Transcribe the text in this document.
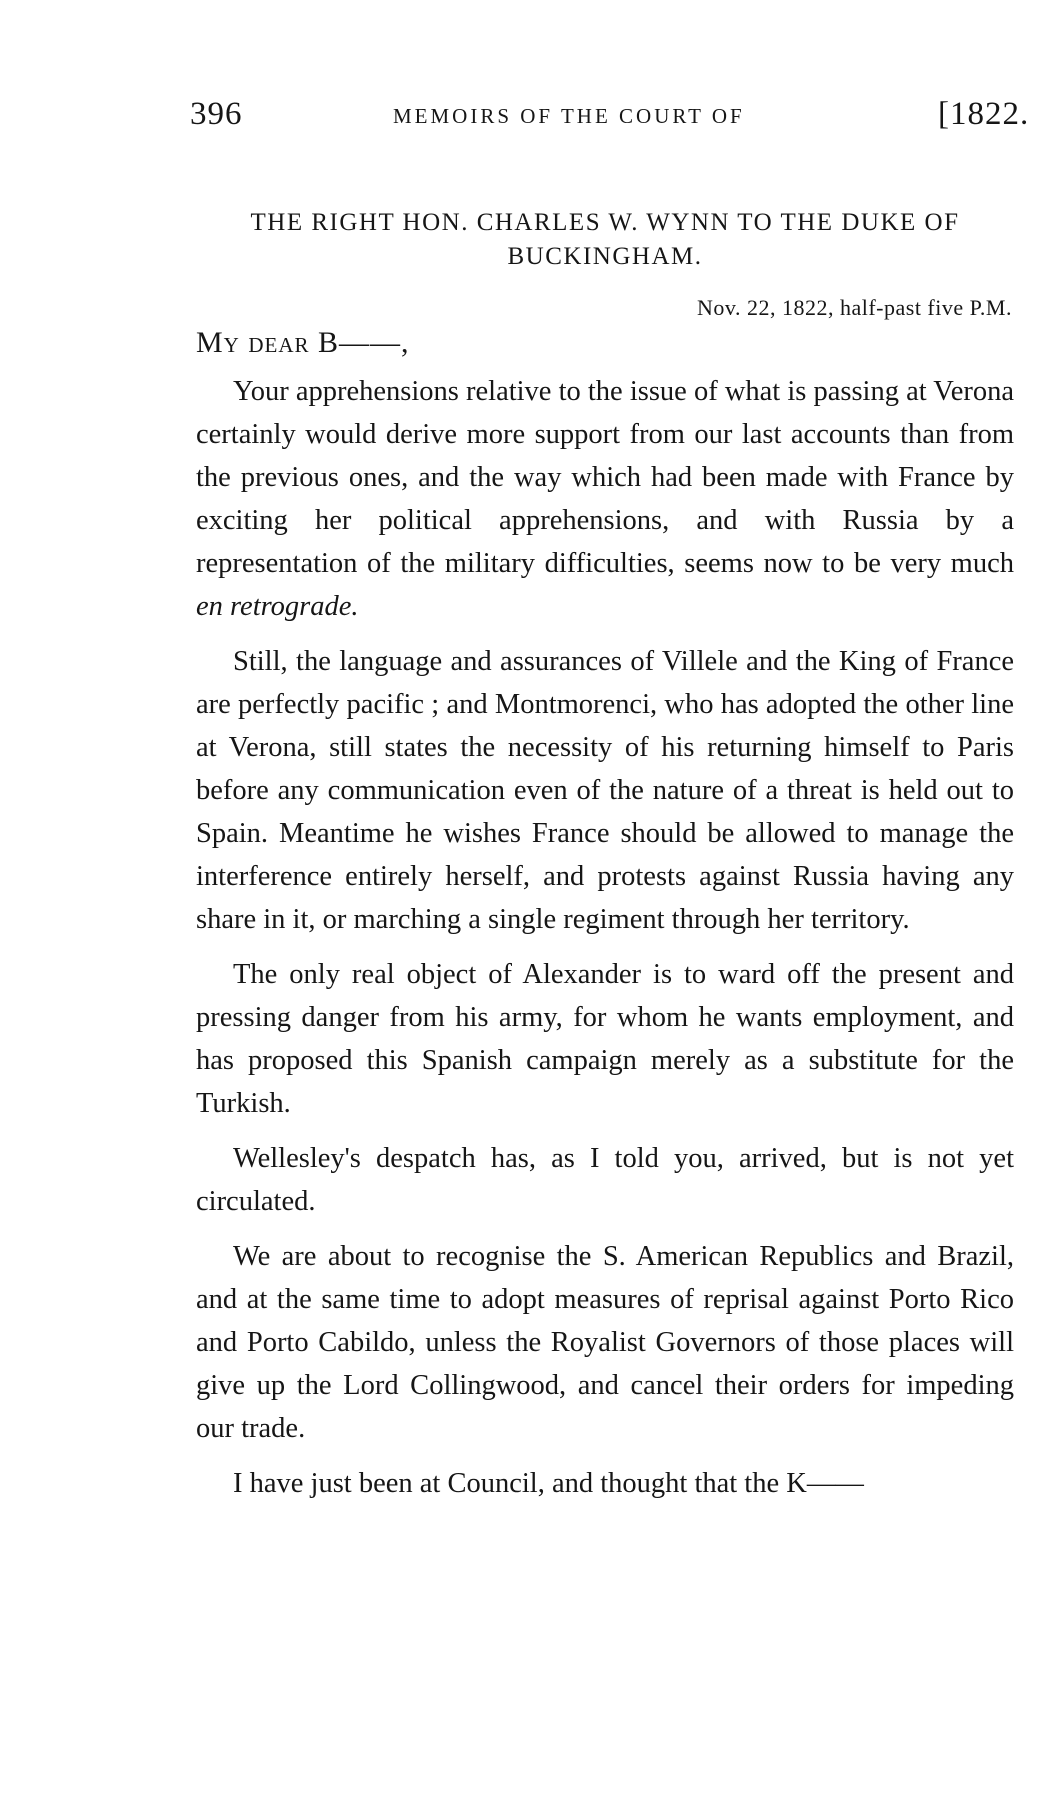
396	MEMOIRS OF THE COURT OF	[1822.
THE RIGHT HON. CHARLES W. WYNN TO THE DUKE OF BUCKINGHAM.
Nov. 22, 1822, half-past five P.M.
My dear B——,

Your apprehensions relative to the issue of what is passing at Verona certainly would derive more support from our last accounts than from the previous ones, and the way which had been made with France by exciting her political apprehensions, and with Russia by a representation of the military difficulties, seems now to be very much en retrograde.

Still, the language and assurances of Villele and the King of France are perfectly pacific ; and Montmorenci, who has adopted the other line at Verona, still states the necessity of his returning himself to Paris before any communication even of the nature of a threat is held out to Spain. Meantime he wishes France should be allowed to manage the interference entirely herself, and protests against Russia having any share in it, or marching a single regiment through her territory.

The only real object of Alexander is to ward off the present and pressing danger from his army, for whom he wants employment, and has proposed this Spanish campaign merely as a substitute for the Turkish.

Wellesley's despatch has, as I told you, arrived, but is not yet circulated.

We are about to recognise the S. American Republics and Brazil, and at the same time to adopt measures of reprisal against Porto Rico and Porto Cabildo, unless the Royalist Governors of those places will give up the Lord Collingwood, and cancel their orders for impeding our trade.

I have just been at Council, and thought that the K——
